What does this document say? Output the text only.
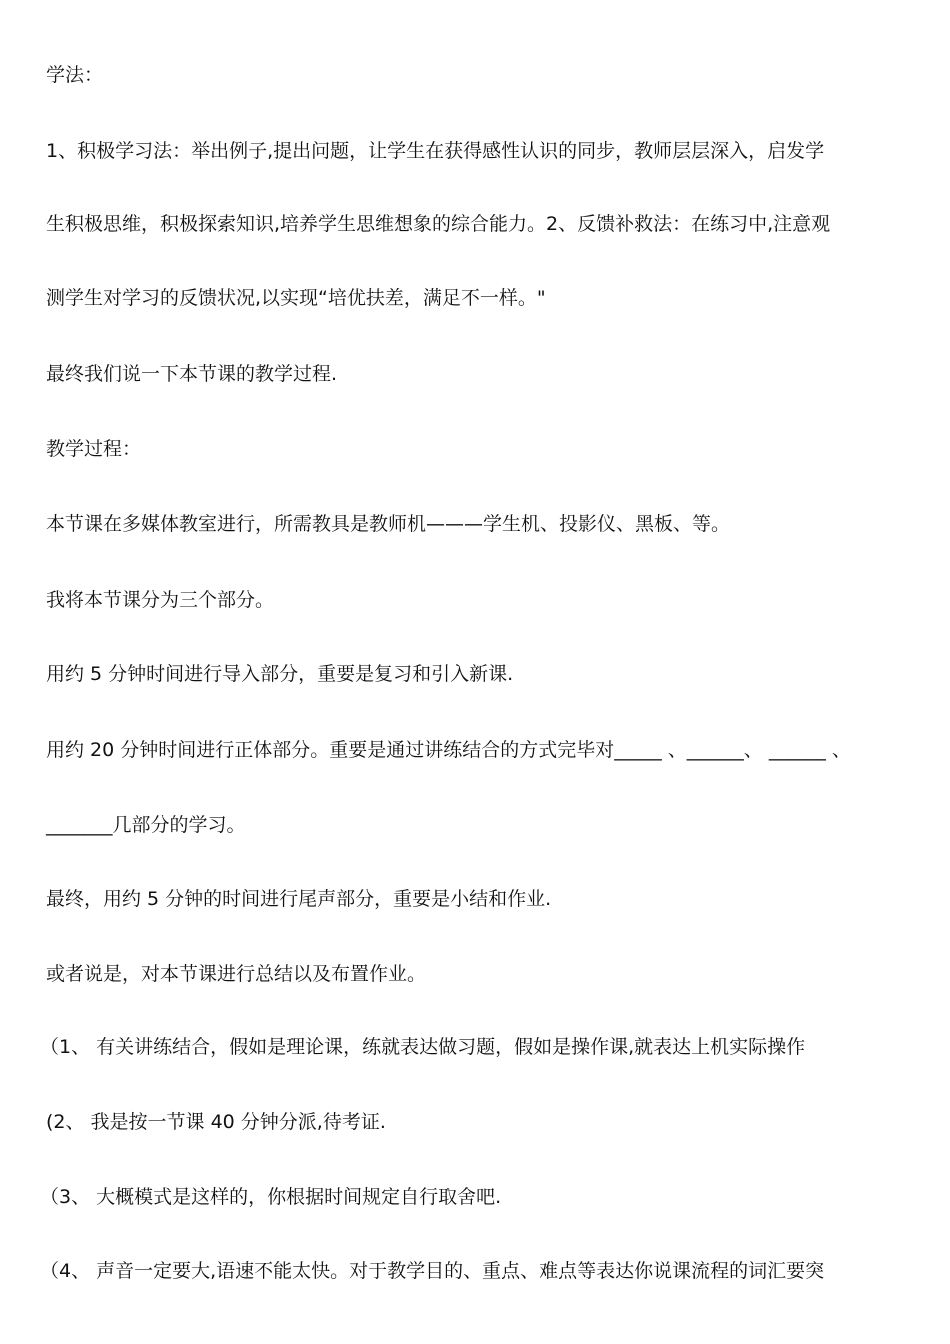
学法：
1、积极学习法：举出例子,提出问题，让学生在获得感性认识的同步，教师层层深入，启发学
生积极思维，积极探索知识,培养学生思维想象的综合能力。2、反馈补救法：在练习中,注意观
测学生对学习的反馈状况,以实现“培优扶差，满足不一样。"
最终我们说一下本节课的教学过程.
教学过程：
本节课在多媒体教室进行，所需教具是教师机———学生机、投影仪、黑板、等。
我将本节课分为三个部分。
用约 5 分钟时间进行导入部分，重要是复习和引入新课.
用约 20 分钟时间进行正体部分。重要是通过讲练结合的方式完毕对_____ 、______、 ______ 、
_______几部分的学习。
最终，用约 5 分钟的时间进行尾声部分，重要是小结和作业.
或者说是，对本节课进行总结以及布置作业。
（1、 有关讲练结合，假如是理论课，练就表达做习题，假如是操作课,就表达上机实际操作
(2、 我是按一节课 40 分钟分派,待考证.
（3、 大概模式是这样的，你根据时间规定自行取舍吧.
（4、 声音一定要大,语速不能太快。对于教学目的、重点、难点等表达你说课流程的词汇要突
